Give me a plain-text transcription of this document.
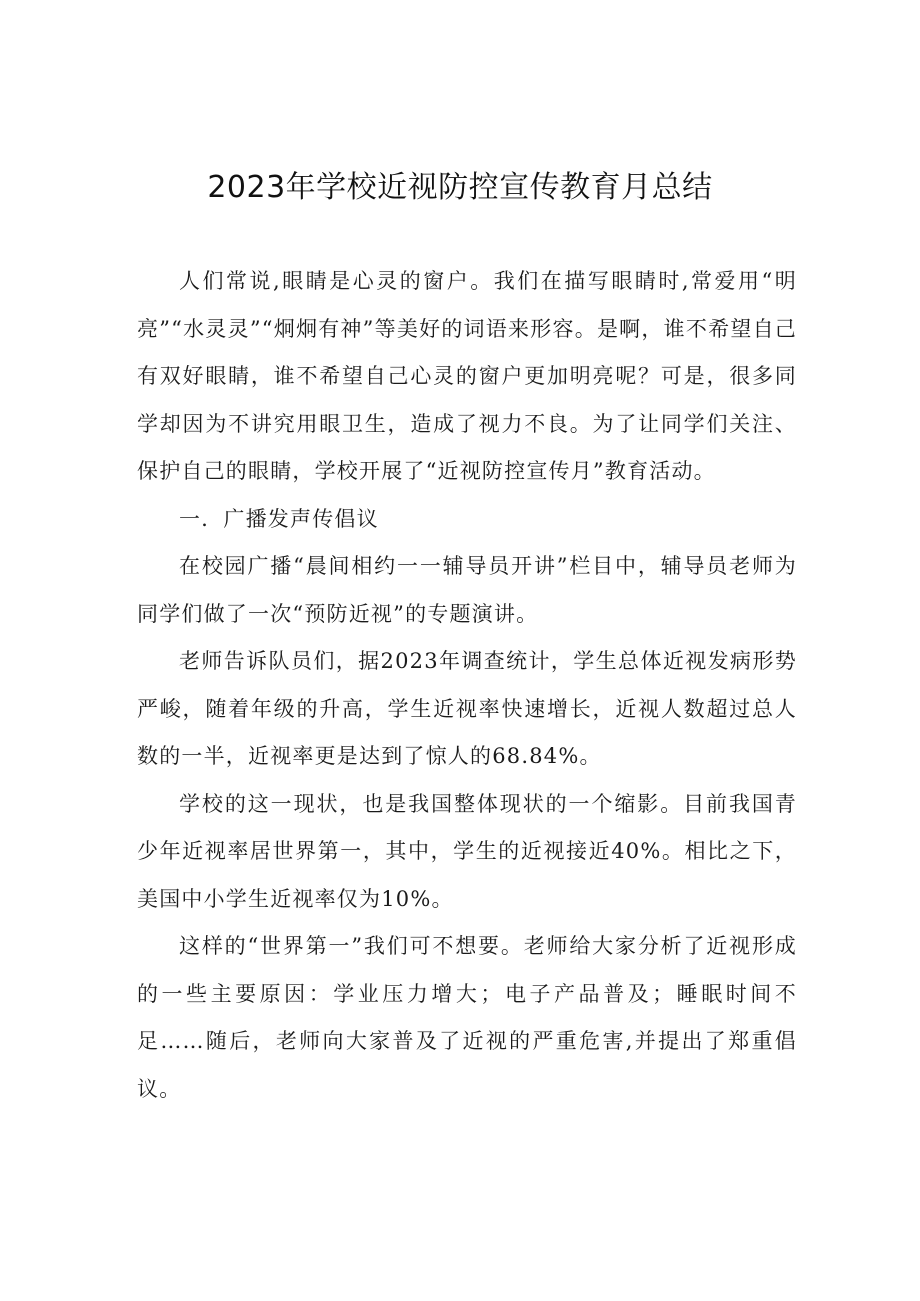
2023年学校近视防控宣传教育月总结

人们常说,眼睛是心灵的窗户。我们在描写眼睛时,常爱用“明亮”“水灵灵”“炯炯有神”等美好的词语来形容。是啊，谁不希望自己有双好眼睛，谁不希望自己心灵的窗户更加明亮呢？可是，很多同学却因为不讲究用眼卫生，造成了视力不良。为了让同学们关注、保护自己的眼睛，学校开展了“近视防控宣传月”教育活动。

一．广播发声传倡议

在校园广播“晨间相约一一辅导员开讲”栏目中，辅导员老师为同学们做了一次“预防近视”的专题演讲。

老师告诉队员们，据2023年调查统计，学生总体近视发病形势严峻，随着年级的升高，学生近视率快速增长，近视人数超过总人数的一半，近视率更是达到了惊人的68.84%。

学校的这一现状，也是我国整体现状的一个缩影。目前我国青少年近视率居世界第一，其中，学生的近视接近40%。相比之下，美国中小学生近视率仅为10%。

这样的“世界第一”我们可不想要。老师给大家分析了近视形成的一些主要原因：学业压力增大；电子产品普及；睡眠时间不足……随后，老师向大家普及了近视的严重危害,并提出了郑重倡议。
